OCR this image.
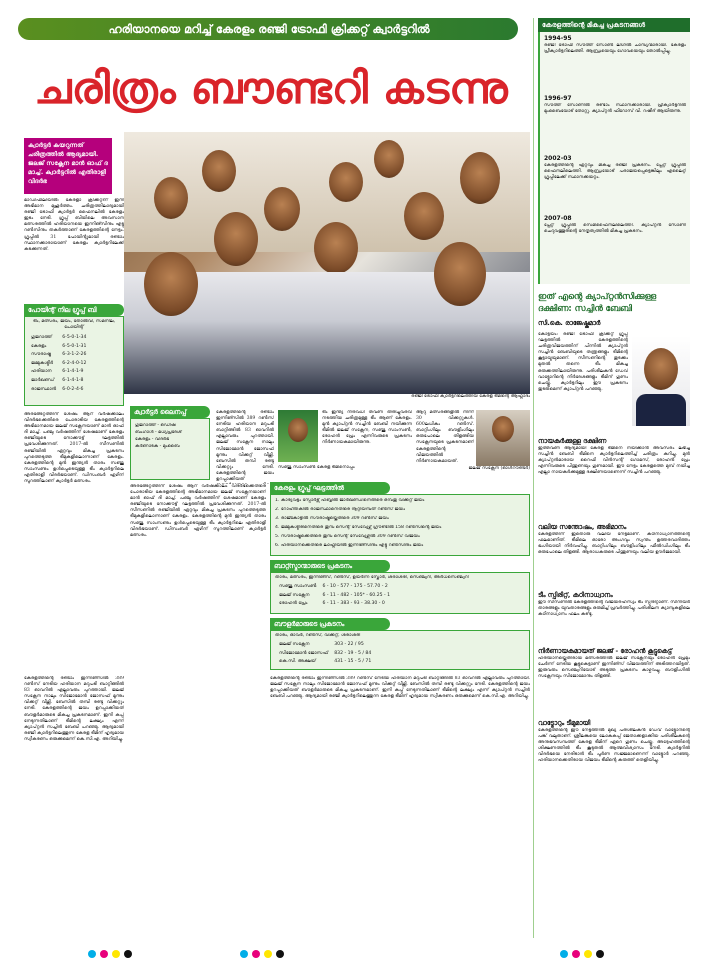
ഹരിയാനയെ മറിച്ച് കേരളം രഞ്ജി ട്രോഫി ക്രിക്കറ്റ് ക്വാർട്ടറിൽ
ചരിത്രം ബൗണ്ടറി കടന്നു
ക്വാർട്ടർ കയറുന്നത് ചരിത്രത്തിൽ ആദ്യമായി. ജലജ് സക്സേന മാൻ ഓഫ് ദ മാച്ച്. ക്വാർട്ടറിൽ എതിരാളി വിദർഭ
മാഡിഫിലിയിൽ: കേരളാ ക്രിക്കറ്റിന് ഇനി അഭിമാന മുഹൂർത്തം. ചരിത്രത്തിലാദ്യമായി രഞ്ജി ട്രോഫി ക്വാർട്ടർ ഫൈനലിൽ കേരളം ഇടം നേടി. ഗ്രൂപ്പ് ബിയിലെ അവസാന മത്സരത്തിൽ ഹരിയാനയെ ഇന്നിങ്സിനും എട്ടു റൺസിനും തകർത്താണ് കേരളത്തിന്റെ നേട്ടം. ഗ്രൂപ്പിൽ 31 പോയിന്റുമായി രണ്ടാം സ്ഥാനക്കാരായാണ് കേരളം ക്വാർട്ടറിലേക്ക് കടക്കുന്നത്.
രഞ്ജി ട്രോഫി ക്വാർട്ടറിലെത്തിയ കേരള ടീമിന്റെ ആഹ്ലാദം
പോയിന്റ് നില ഗ്രൂപ്പ് ബി
ടീം, മത്സരം, ജയം, തോൽവി, സമനില, പോയിന്റ്
ഗുജറാത്ത്	6-5-0-1-34
കേരളം	6-5-0-1-31
സൗരാഷ്ട്ര	6-3-1-2-26
ജമ്മുകശ്മീർ	6-2-4-0-12
ഹരിയാന	6-1-4-1-9
ജാർഖണ്ഡ്	6-1-4-1-8
രാജസ്ഥാൻ	6-0-2-4-6
അരങ്ങേറ്റത്തിന് ശേഷം ആറ് വർഷക്കാലം വിദർഭക്കെതിരെ പോരാടിയ കേരളത്തിന്റെ അഭിമാനമായ ജലജ് സക്സേനയാണ് മാൻ ഓഫ് ദി മാച്ച്. പഞ്ചു വർഷത്തിന് ശേഷമാണ് കേരളം രഞ്ജിയുടെ നോക്കൗട്ട് ഘട്ടത്തിൽ പ്രവേശിക്കുന്നത്. 2017-ൽ സീസണിൽ രഞ്ജിയിൽ ഏറ്റവും മികച്ച പ്രകടനം പുറത്തെടുത്ത ടീമുകളിലൊന്നാണ് കേരളം. കേരളത്തിന്റെ മുൻ ഇന്ത്യൻ താരം സഞ്ജു സാംസണും ഉൾപ്പെടെയുള്ള ടീം ക്വാർട്ടറിലെ എതിരാളി വിദർഭയാണ്. ഡിസംബർ ഏഴിന് സൂറത്തിലാണ് ക്വാർട്ടർ മത്സരം.
കേരളത്തിന്റെ രണ്ടാം ഇന്നിങ്സിൽ 389 റൺസ് നേടിയ ഹരിയാന മറുപടി ബാറ്റിങ്ങിൽ 83 ഓവറിൽ എല്ലാവരും പുറത്തായി. ജലജ് സക്സേന നാലും സിജോമോൻ ജോസഫ് മൂന്നും വിക്കറ്റ് വീഴ്ത്തി. ബേസിൽ തമ്പി രണ്ടു വിക്കറ്റും നേടി. കേരളത്തിന്റെ ജയം ഉറപ്പാക്കിയത് ബൗളർമാരുടെ മികച്ച പ്രകടനമാണ്. ഇനി കപ്പ് നേടുന്നതിലാണ് ടീമിന്റെ ലക്ഷ്യം എന്ന് ക്യാപ്റ്റൻ സച്ചിൻ ബേബി പറഞ്ഞു. ആദ്യമായി രഞ്ജി ക്വാർട്ടറിലെത്തുന്ന കേരള ടീമിന് ഹൃദ്യമായ സ്വീകരണം ഒരുക്കുമെന്ന് കെ.സി.എ. അറിയിച്ചു.
ക്വാർട്ടർ ലൈനപ്പ്
ഗുജറാത്ത് - ഒഡീഷ
ബംഗാൾ - മധ്യപ്രദേശ്
കേരളം - വിദർഭ
കർണാടക - മുംബൈ
കേരളത്തിന്റെ രണ്ടാം ഇന്നിങ്സിൽ 389 റൺസ് നേടിയ ഹരിയാന മറുപടി ബാറ്റിങ്ങിൽ 83 ഓവറിൽ എല്ലാവരും പുറത്തായി. ജലജ് സക്സേന നാലും സിജോമോൻ ജോസഫ് മൂന്നും വിക്കറ്റ് വീഴ്ത്തി. ബേസിൽ തമ്പി രണ്ടു വിക്കറ്റും നേടി. കേരളത്തിന്റെ ജയം ഉറപ്പാക്കിയത്
സഞ്ജു സാംസൺ കേരള ടീമിനൊപ്പം
ടീം ഇന്ത്യ നിരവധി തവണ തിരിച്ചുവരവ് നടത്തിയ ചരിത്രമുള്ള ടീം ആണ് കേരളം. മുൻ ക്യാപ്റ്റൻ സച്ചിൻ ബേബി നയിക്കുന്ന ടീമിൽ ജലജ് സക്സേന, സഞ്ജു സാംസൺ, രോഹൻ പ്രേം എന്നിവരുടെ പ്രകടനം നിർണായകമായിരുന്നു.
ആറു മത്സരങ്ങളിൽ നിന്ന് 30 വിക്കറ്റുകൾ. 600ലധികം റൺസ്. ബാറ്റിംഗിലും ബൗളിംഗിലും ഒരുപോലെ തിളങ്ങിയ സക്സേനയുടെ പ്രകടനമാണ് കേരളത്തിന്റെ വിജയത്തിൽ നിർണായകമായത്.
ജലജ് സക്സേന (ഓൾറൗണ്ടർ)
കേരളം ഗ്രൂപ്പ് ഘട്ടത്തിൽ
1. കാര്യവട്ടം സ്പോർട്സ് ഹബ്ബിൽ ജാർഖണ്ഡിനെതിരെ ഒമ്പതു വിക്കറ്റ് ജയം
2. റോഹ്തകിൽ രാജസ്ഥാനെതിരെ നൂറ്റിയമ്പത് റൺസ് ജയം
3. രാജ്കോട്ടിൽ സൗരാഷ്ട്രയ്ക്കെതിരെ 309 റൺസ് ജയം
4. ജമ്മുകശ്മീരിനെതിരെ തുമ്പ സെന്റ് സേവ്യേഴ്സ് ഗ്രൗണ്ടിൽ 158 റൺസിന്റെ ജയം
5. സൗരാഷ്ട്രക്കെതിരെ തുമ്പ സെന്റ് സേവ്യേഴ്സിൽ 309 റൺസ് വിജയം
6. ഹരിയാനക്കെതിരെ ലാഹ്ലിയിൽ ഇന്നിങ്സിനും എട്ടു റൺസിനും ജയം
അരങ്ങേറ്റത്തിന് ശേഷം ആറ് വർഷക്കാലം വിദർഭക്കെതിരെ പോരാടിയ കേരളത്തിന്റെ അഭിമാനമായ ജലജ് സക്സേനയാണ് മാൻ ഓഫ് ദി മാച്ച്. പഞ്ചു വർഷത്തിന് ശേഷമാണ് കേരളം രഞ്ജിയുടെ നോക്കൗട്ട് ഘട്ടത്തിൽ പ്രവേശിക്കുന്നത്. 2017-ൽ സീസണിൽ രഞ്ജിയിൽ ഏറ്റവും മികച്ച പ്രകടനം പുറത്തെടുത്ത ടീമുകളിലൊന്നാണ് കേരളം. കേരളത്തിന്റെ മുൻ ഇന്ത്യൻ താരം സഞ്ജു സാംസണും ഉൾപ്പെടെയുള്ള ടീം ക്വാർട്ടറിലെ എതിരാളി വിദർഭയാണ്. ഡിസംബർ ഏഴിന് സൂറത്തിലാണ് ക്വാർട്ടർ മത്സരം.
ബാറ്റ്സ്മാന്മാരുടെ പ്രകടനം
താരം, മത്സരം, ഇന്നിങ്സ്, റൺസ്, ഉയർന്ന സ്കോർ, ശരാശരി, സെഞ്ച്വറി, അർധസെഞ്ച്വറി
സഞ്ജു സാംസൺ	6 - 10 - 577 - 175 - 57.70 - 2
ജലജ് സക്സേന	6 - 11 - 482 - 105* - 60.25 - 1
രോഹൻ പ്രേം	6 - 11 - 383 - 93 - 38.30 - 0
ബൗളർമാരുടെ പ്രകടനം
താരം, ഓവർ, റൺസ്, വിക്കറ്റ്, ശരാശരി
ജലജ് സക്സേന	303 - 22 / 95
സിജോമോൻ ജോസഫ്	832 - 19 - 5 / 84
കെ.സി. അക്ഷയ്	431 - 15 - 5 / 71
കേരളത്തിന്റെ രണ്ടാം ഇന്നിങ്സിൽ 389 റൺസ് നേടിയ ഹരിയാന മറുപടി ബാറ്റിങ്ങിൽ 83 ഓവറിൽ എല്ലാവരും പുറത്തായി. ജലജ് സക്സേന നാലും സിജോമോൻ ജോസഫ് മൂന്നും വിക്കറ്റ് വീഴ്ത്തി. ബേസിൽ തമ്പി രണ്ടു വിക്കറ്റും നേടി. കേരളത്തിന്റെ ജയം ഉറപ്പാക്കിയത് ബൗളർമാരുടെ മികച്ച പ്രകടനമാണ്. ഇനി കപ്പ് നേടുന്നതിലാണ് ടീമിന്റെ ലക്ഷ്യം എന്ന് ക്യാപ്റ്റൻ സച്ചിൻ ബേബി പറഞ്ഞു. ആദ്യമായി രഞ്ജി ക്വാർട്ടറിലെത്തുന്ന കേരള ടീമിന് ഹൃദ്യമായ സ്വീകരണം ഒരുക്കുമെന്ന് കെ.സി.എ. അറിയിച്ചു.
കേരളത്തിന്റെ മികച്ച പ്രകടനങ്ങൾ
1994-95
രഞ്ജി ട്രോഫി സൗത്ത് സോൺ ലീഗിൽ ചാമ്പ്യന്മാരായി. കേരളം പ്രീക്വാർട്ടറിലെത്തി. ആന്ധ്രയെയും ഗോവയെയും തോൽപ്പിച്ചു.
1996-97
സൗത്ത് സോണിൽ രണ്ടാം സ്ഥാനക്കാരായി. പ്രീക്വാർട്ടറിൽ മുംബൈയോട് തോറ്റു. ക്യാപ്റ്റൻ ഫിറോസ് വി. റഷീദ് ആയിരുന്നു.
2002-03
കേരളത്തിന്റെ ഏറ്റവും മികച്ച രഞ്ജി പ്രകടനം. പ്ലേറ്റ് ഗ്രൂപ്പിൽ ഫൈനലിലെത്തി. ആന്ധ്രയോട് പരാജയപ്പെട്ടെങ്കിലും എലൈറ്റ് ഗ്രൂപ്പിലേക്ക് സ്ഥാനക്കയറ്റം.
2007-08
പ്ലേറ്റ് ഗ്രൂപ്പിൽ സെമിഫൈനലിലെത്തി. ക്യാപ്റ്റൻ സോണി ചെറുവത്തൂരിന്റെ നേതൃത്വത്തിൽ മികച്ച പ്രകടനം.
ഇത് എന്റെ ക്യാപ്റ്റൻസിക്കുള്ള ദക്ഷിണ: സച്ചിൻ ബേബി
സി.കെ. രാജേഷ്കുമാർ
കോട്ടയം: രഞ്ജി ട്രോഫി ക്രിക്കറ്റ് ഗ്രൂപ്പ് ഘട്ടത്തിൽ കേരളത്തിന്റെ ചരിത്രവിജയത്തിന് പിന്നിൽ ക്യാപ്റ്റൻ സച്ചിൻ ബേബിയുടെ തന്ത്രങ്ങളും ടീമിന്റെ കൂട്ടായ്മയുമാണ്. സീസണിന്റെ തുടക്കം മുതൽ തന്നെ ടീം മികച്ച ഒരുക്കത്തിലായിരുന്നു. പരിശീലകൻ ഡേവ് വാട്ട്മോറിന്റെ നിർദേശങ്ങളും ടീമിന് ഗുണം ചെയ്തു. ക്വാർട്ടറിലും ഈ പ്രകടനം തുടരുമെന്ന് ക്യാപ്റ്റൻ പറഞ്ഞു.
നായകർക്കുള്ള ദക്ഷിണ
ഇത്തവണ ആദ്യമായി കേരള ടീമിനെ നയിക്കാൻ അവസരം ലഭിച്ച സച്ചിൻ ബേബി ടീമിനെ ക്വാർട്ടറിലെത്തിച്ച് ചരിത്രം കുറിച്ചു. മുൻ ക്യാപ്റ്റൻമാരായ റൈഫി വിൻസന്റ് ഗോമസ്, രോഹൻ പ്രേം എന്നിവരുടെ പിന്തുണയും ഗുണമായി. ഈ നേട്ടം കേരളത്തെ മുമ്പ് നയിച്ച എല്ലാ നായകർക്കുമുള്ള ദക്ഷിണയാണെന്ന് സച്ചിൻ പറഞ്ഞു.
വലിയ സന്തോഷം, അഭിമാനം
കേരളത്തിന് ഇതൊരു വലിയ നേട്ടമാണ്. കഠിനാധ്വാനത്തിന്റെ ഫലമാണിത്. ടീമിലെ ഓരോ അംഗവും സ്വന്തം ഉത്തരവാദിത്തം ഭംഗിയായി നിർവഹിച്ചു. ബാറ്റിംഗിലും ബൗളിംഗിലും ഫീൽഡിംഗിലും ടീം ഒരുപോലെ തിളങ്ങി. ആരാധകരുടെ പിന്തുണയും വലിയ ഊർജമായി.
ടീം സ്പിരിറ്റ്, കഠിനാധ്വാനം
ഈ സീസണിൽ കേരളത്തിന്റെ വിജയരഹസ്യം ടീം സ്പിരിറ്റാണ്. സീനിയർ താരങ്ങളും യുവതാരങ്ങളും ഒരുമിച്ച് പ്രവർത്തിച്ചു. പരിശീലന ക്യാമ്പുകളിലെ കഠിനാധ്വാനം ഫലം കണ്ടു.
നിർണായകമായത് ജലജ് - രോഹൻ കൂട്ടുകെട്ട്
ഹരിയാനയ്ക്കെതിരായ മത്സരത്തിൽ ജലജ് സക്സേനയും രോഹൻ പ്രേമും ചേർന്ന് നേടിയ കൂട്ടുകെട്ടാണ് ഇന്നിങ്സ് വിജയത്തിന് അടിത്തറയിട്ടത്. ഇരുവരും സെഞ്ച്വറിയോട് അടുത്ത പ്രകടനം കാഴ്ചവച്ചു. ബൗളിംഗിൽ സക്സേനയും സിജോമോനും തിളങ്ങി.
വാട്മോറും ടീമുമായി
കേരളത്തിന്റെ ഈ നേട്ടത്തിൽ മുഖ്യ പരിശീലകൻ ഡേവ് വാട്ട്മോറിന്റെ പങ്ക് വലുതാണ്. ശ്രീലങ്കയെ ലോകകപ്പ് ജേതാക്കളാക്കിയ പരിശീലകന്റെ അനുഭവസമ്പത്ത് കേരള ടീമിന് ഏറെ ഗുണം ചെയ്തു. അദ്ദേഹത്തിന്റെ ശിക്ഷണത്തിൽ ടീം കൂടുതൽ ആത്മവിശ്വാസം നേടി. ക്വാർട്ടറിൽ വിദർഭയെ നേരിടാൻ ടീം പൂർണ സജ്ജമാണെന്ന് വാട്ട്മോർ പറഞ്ഞു. ഹരിയാനക്കെതിരായ വിജയം ടീമിന്റെ കരുത്ത് തെളിയിച്ചു.
